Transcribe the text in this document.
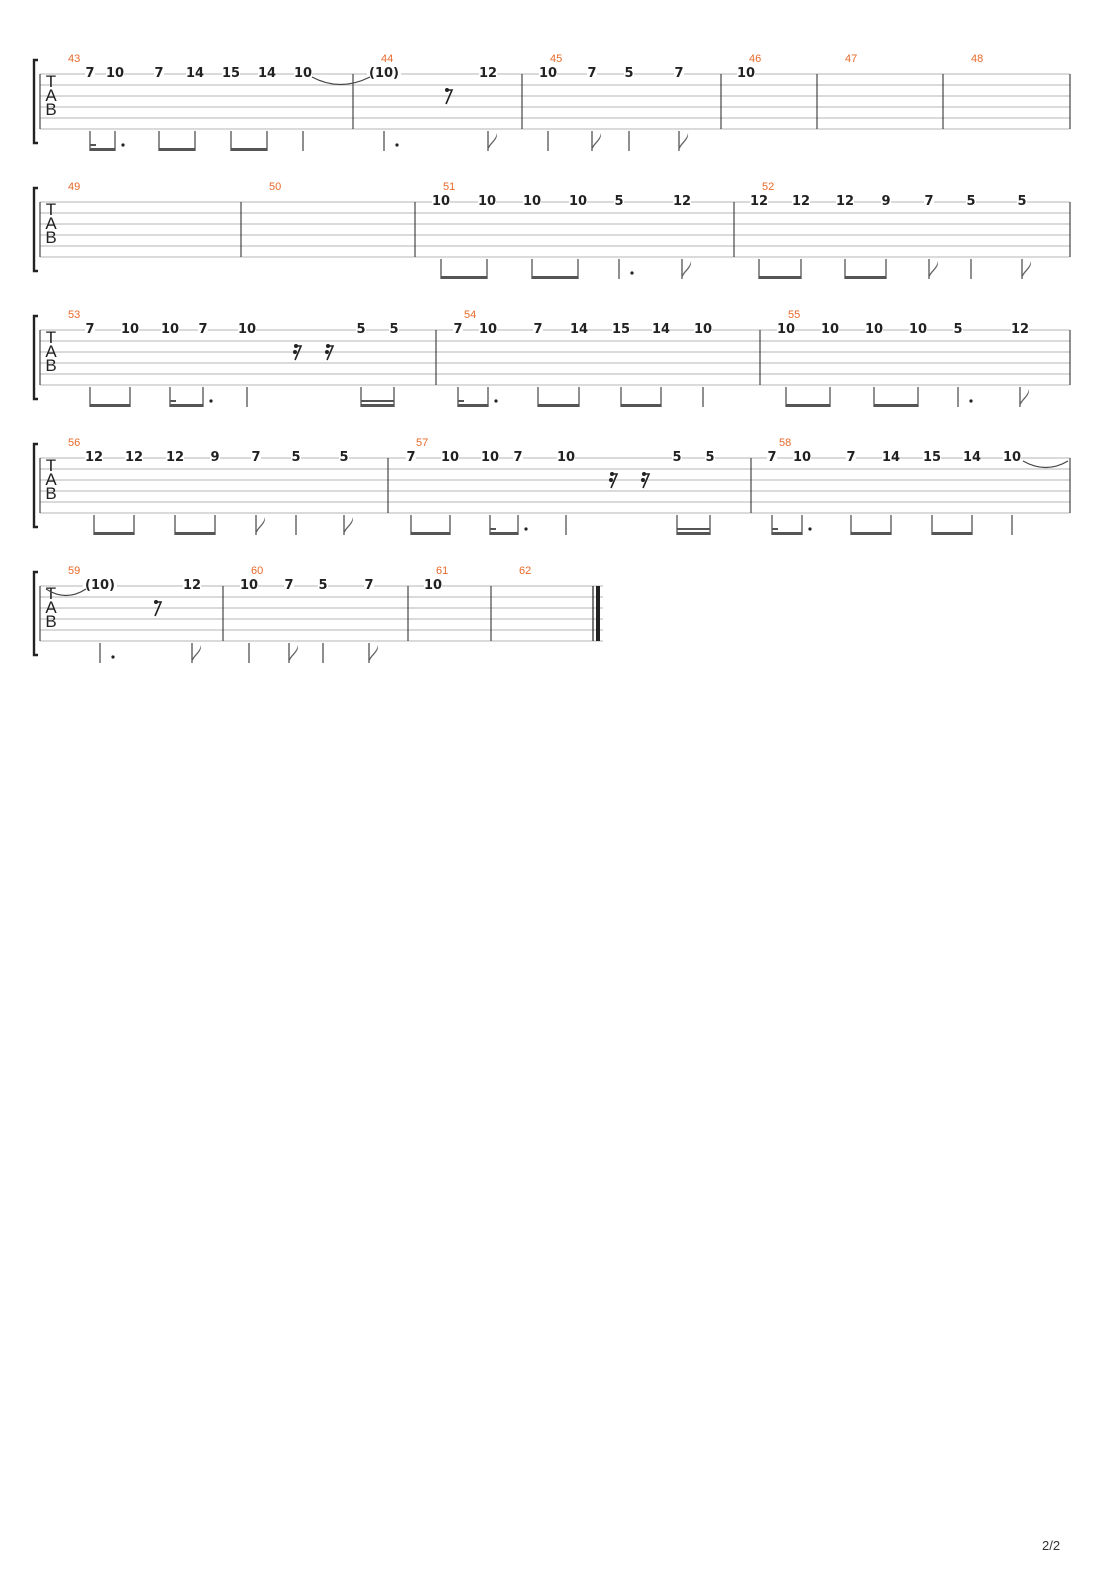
T
A
B
43	44	45	46	47	48
7 10 7 14 15 14 10	(10)	12	10 7 5	7	10
T
A
B
49	50	51	52
10 10 10 10 5	12	12 12 12 9	7	5	5
T
A
B
53	54	55
7 10 10 7 10	5 5	7 10	7 14 15 14 10	10 10 10 10 5	12
T
A
B
56	57	58
12 12 12 9 7 5	5	7 10 10 7	10	5 5	7 10	7 14 15 14 10
T
A
B
59	60	61	62
(10)	12	10 7 5	7	10
2/2
